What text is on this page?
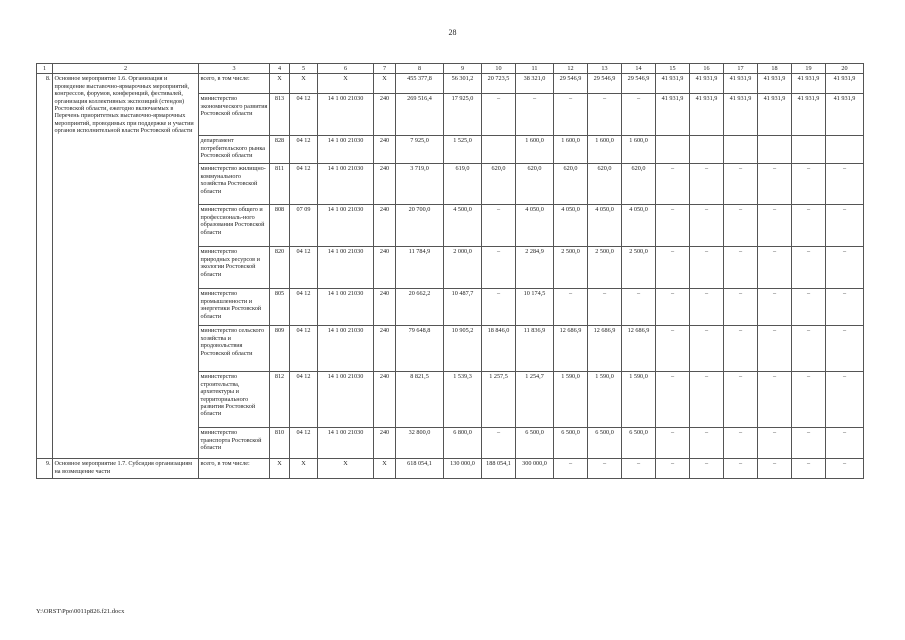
28
1	2	3	4	5	6	7	8	9	10	11	12	13	14	15	16	17	18	19	20
8.	Основное мероприятие 1.6. Организация и проведение выставочно-ярмарочных мероприятий, конгрессов, форумов, конференций, фестивалей, организация коллективных экспозиций (стендов) Ростовской области, ежегодно включаемых в Перечень приоритетных выставочно-ярмарочных мероприятий, проводимых при поддержке и участии органов исполнительной власти Ростовской области	всего, в том числе:	X	X	X	X	455 377,8	56 301,2	20 723,5	38 321,0	29 546,9	29 546,9	29 546,9	41 931,9	41 931,9	41 931,9	41 931,9	41 931,9	41 931,9
		министерство экономического развития Ростовской области	813	04 12	14 1 00 21030	240	269 516,4	17 925,0	–	–	–	–	–	41 931,9	41 931,9	41 931,9	41 931,9	41 931,9	41 931,9
		департамент потребительского рынка Ростовской области	828	04 12	14 1 00 21030	240	7 925,0	1 525,0		1 600,0	1 600,0	1 600,0	1 600,0						
		министерство жилищно-коммунального хозяйства Ростовской области	811	04 12	14 1 00 21030	240	3 719,0	619,0	620,0	620,0	620,0	620,0	620,0	–	–	–	–	–	–
		министерство общего и профессиональ-ного образования Ростовской области	808	07 09	14 1 00 21030	240	20 700,0	4 500,0	–	4 050,0	4 050,0	4 050,0	4 050,0	–	–	–	–	–	–
		министерство природных ресурсов и экологии Ростовской области	820	04 12	14 1 00 21030	240	11 784,9	2 000,0	–	2 284,9	2 500,0	2 500,0	2 500,0	–	–	–	–	–	–
		министерство промышленности и энергетики Ростовской области	805	04 12	14 1 00 21030	240	20 662,2	10 487,7	–	10 174,5	–	–	–	–	–	–	–	–	–
		министерство сельского хозяйства и продовольствия Ростовской области	809	04 12	14 1 00 21030	240	79 648,8	10 905,2	18 846,0	11 836,9	12 686,9	12 686,9	12 686,9	–	–	–	–	–	–
		министерство строительства, архитектуры и территориального развития Ростовской области	812	04 12	14 1 00 21030	240	8 821,5	1 539,3	1 257,5	1 254,7	1 590,0	1 590,0	1 590,0	–	–	–	–	–	–
		министерство транспорта Ростовской области	810	04 12	14 1 00 21030	240	32 800,0	6 800,0	–	6 500,0	6 500,0	6 500,0	6 500,0	–	–	–	–	–	–
9.	Основное мероприятие 1.7. Субсидия организациям на возмещение части	всего, в том числе:	X	X	X	X	618 054,1	130 000,0	188 054,1	300 000,0	–	–	–	–	–	–	–	–	–
Y:\ORST\Ppo\0011p826.f21.docx
